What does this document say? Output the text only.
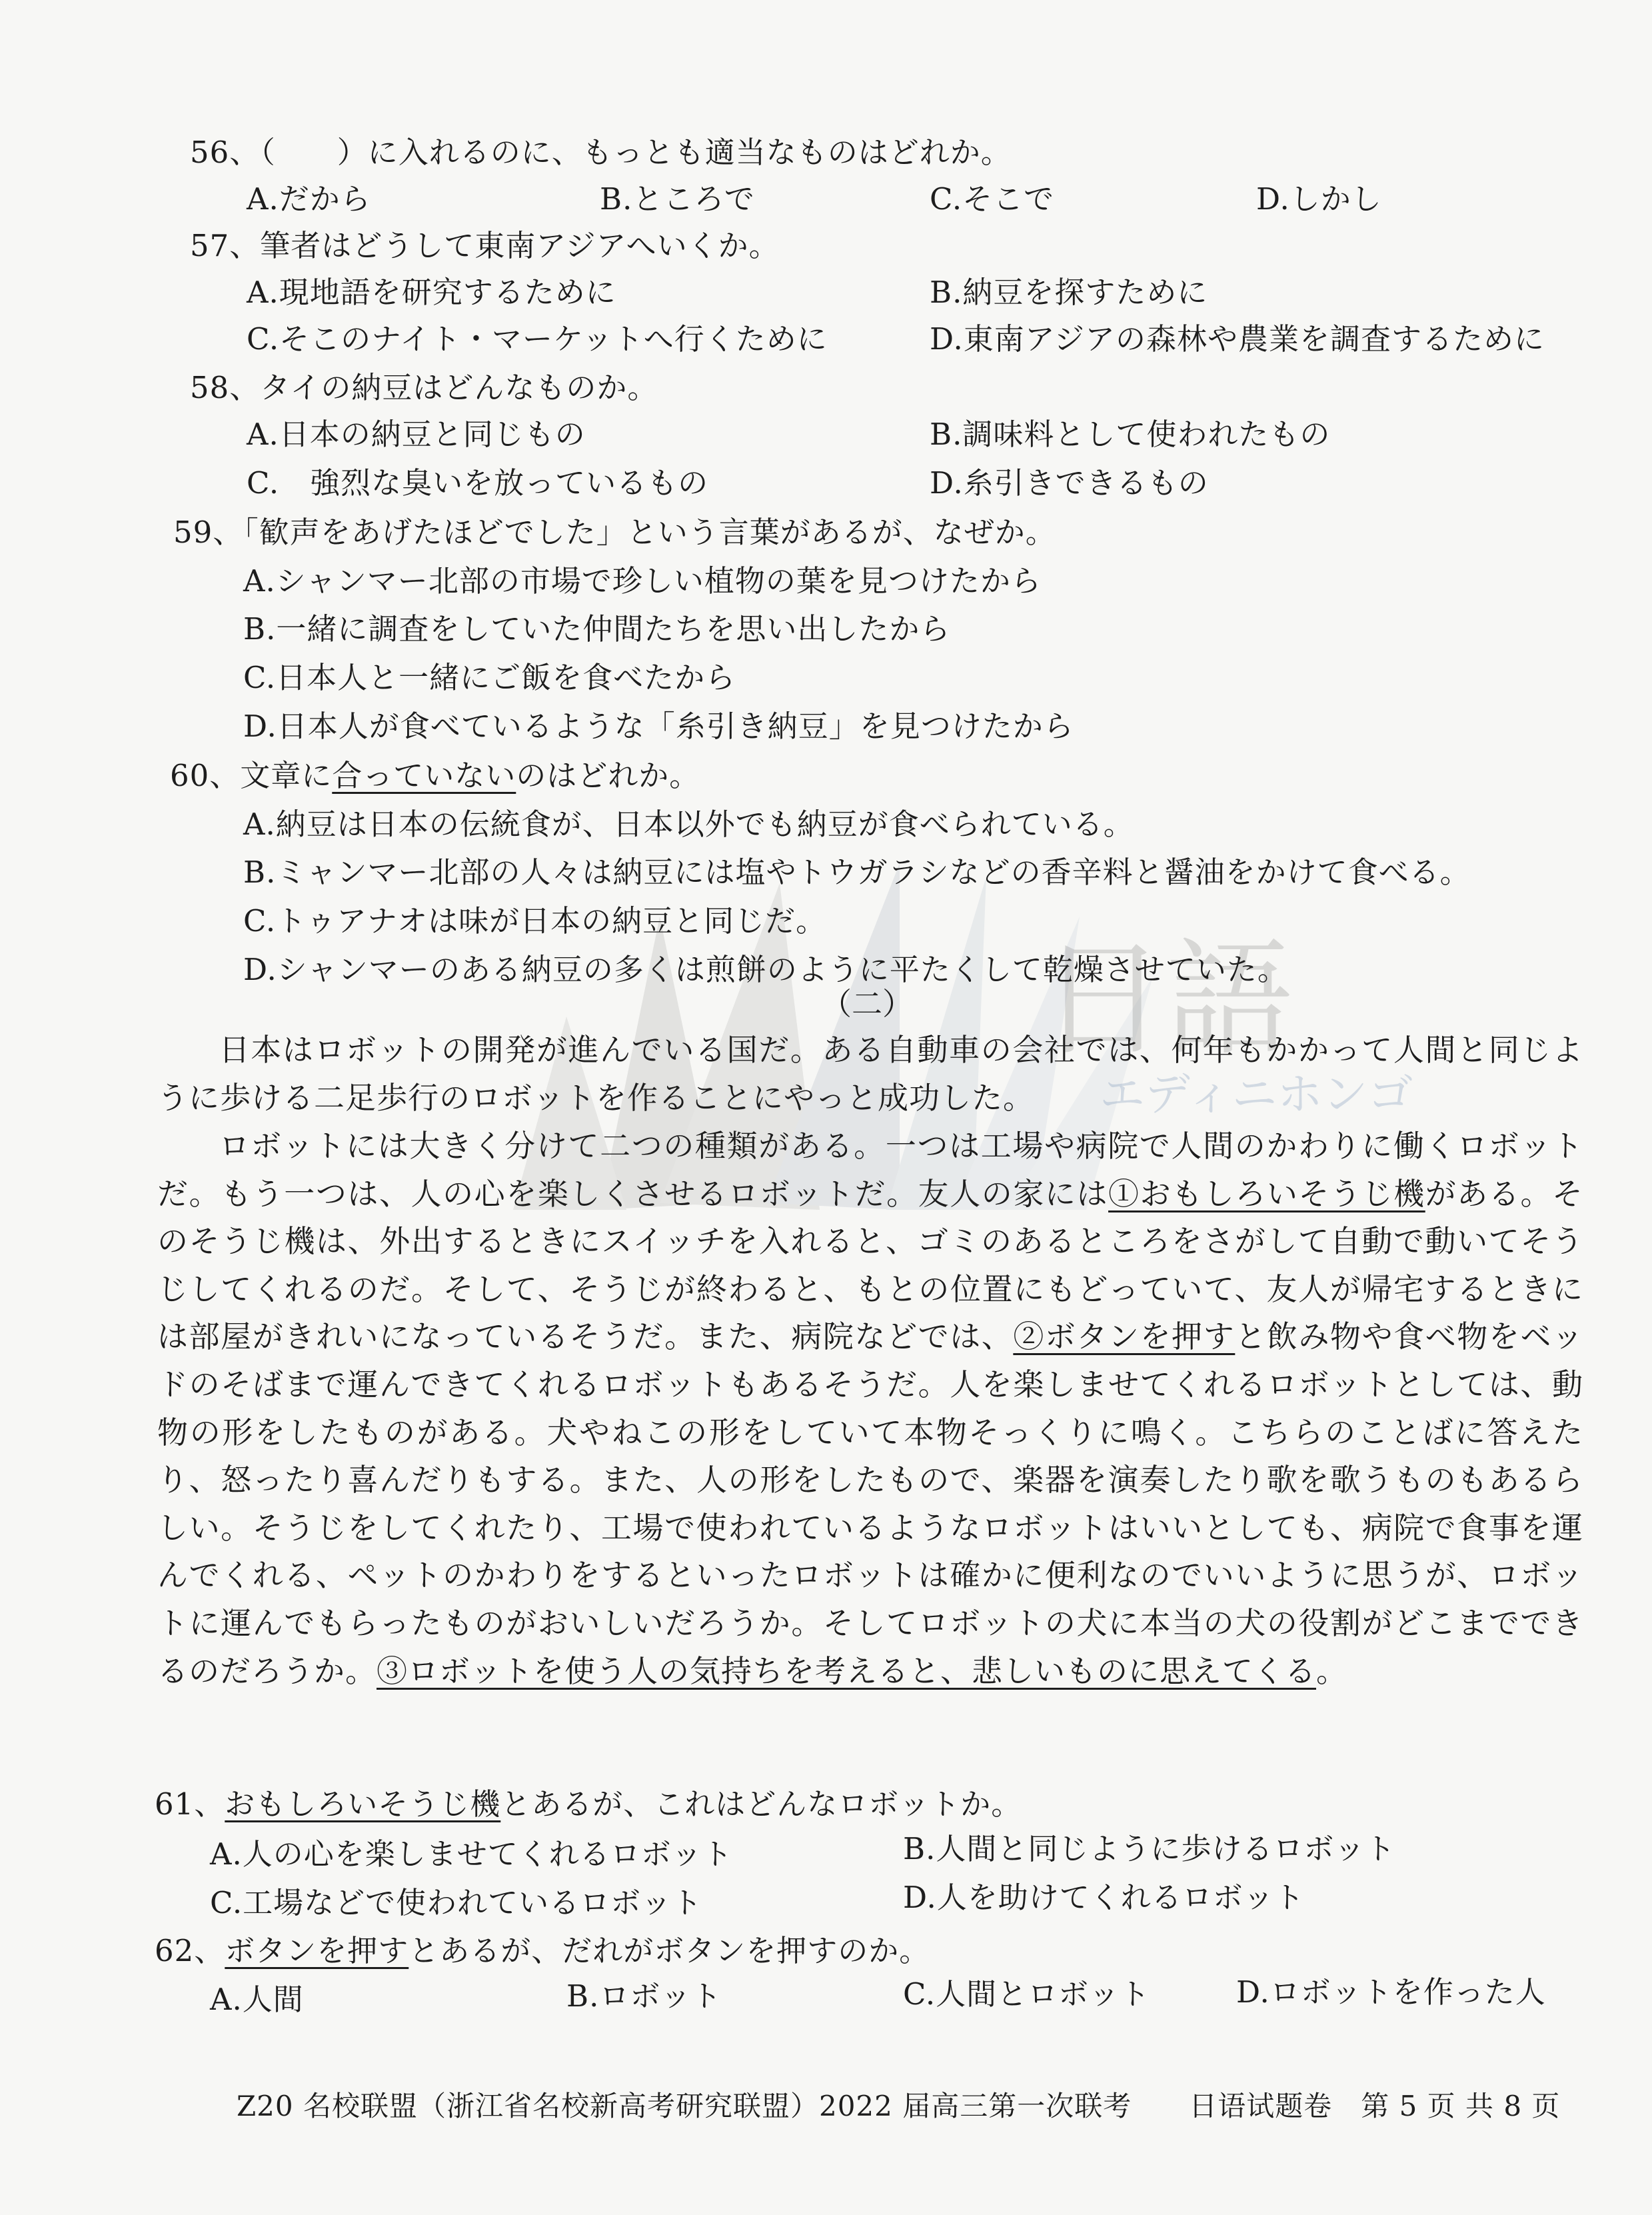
日語
エディニホンゴ
56、（　　）に入れるのに、もっとも適当なものはどれか。
A.だから	B.ところで	C.そこで	D.しかし
57、筆者はどうして東南アジアへいくか。
A.現地語を研究するために	B.納豆を探すために
C.そこのナイト・マーケットへ行くために	D.東南アジアの森林や農業を調査するために
58、タイの納豆はどんなものか。
A.日本の納豆と同じもの	B.調味料として使われたもの
C.　強烈な臭いを放っているもの	D.糸引きできるもの
59、「歓声をあげたほどでした」という言葉があるが、なぜか。
A.シャンマー北部の市場で珍しい植物の葉を見つけたから
B.一緒に調査をしていた仲間たちを思い出したから
C.日本人と一緒にご飯を食べたから
D.日本人が食べているような「糸引き納豆」を見つけたから
60、文章に合っていないのはどれか。
A.納豆は日本の伝統食が、日本以外でも納豆が食べられている。
B.ミャンマー北部の人々は納豆には塩やトウガラシなどの香辛料と醤油をかけて食べる。
C.トゥアナオは味が日本の納豆と同じだ。
D.シャンマーのある納豆の多くは煎餅のように平たくして乾燥させていた。
（二）
日本はロボットの開発が進んでいる国だ。ある自動車の会社では、何年もかかって人間と同じように歩ける二足歩行のロボットを作ることにやっと成功した。
ロボットには大きく分けて二つの種類がある。一つは工場や病院で人間のかわりに働くロボットだ。もう一つは、人の心を楽しくさせるロボットだ。友人の家には①おもしろいそうじ機がある。そのそうじ機は、外出するときにスイッチを入れると、ゴミのあるところをさがして自動で動いてそうじしてくれるのだ。そして、そうじが終わると、もとの位置にもどっていて、友人が帰宅するときには部屋がきれいになっているそうだ。また、病院などでは、②ボタンを押すと飲み物や食べ物をベッドのそばまで運んできてくれるロボットもあるそうだ。人を楽しませてくれるロボットとしては、動物の形をしたものがある。犬やねこの形をしていて本物そっくりに鳴く。こちらのことばに答えたり、怒ったり喜んだりもする。また、人の形をしたもので、楽器を演奏したり歌を歌うものもあるらしい。そうじをしてくれたり、工場で使われているようなロボットはいいとしても、病院で食事を運んでくれる、ペットのかわりをするといったロボットは確かに便利なのでいいように思うが、ロボットに運んでもらったものがおいしいだろうか。そしてロボットの犬に本当の犬の役割がどこまでできるのだろうか。③ロボットを使う人の気持ちを考えると、悲しいものに思えてくる。
61、おもしろいそうじ機とあるが、これはどんなロボットか。
A.人の心を楽しませてくれるロボット	B.人間と同じように歩けるロボット
C.工場などで使われているロボット	D.人を助けてくれるロボット
62、ボタンを押すとあるが、だれがボタンを押すのか。
A.人間	B.ロボット	C.人間とロボット	D.ロボットを作った人
Z20 名校联盟（浙江省名校新高考研究联盟）2022 届高三第一次联考　　日语试题卷　第 5 页 共 8 页
